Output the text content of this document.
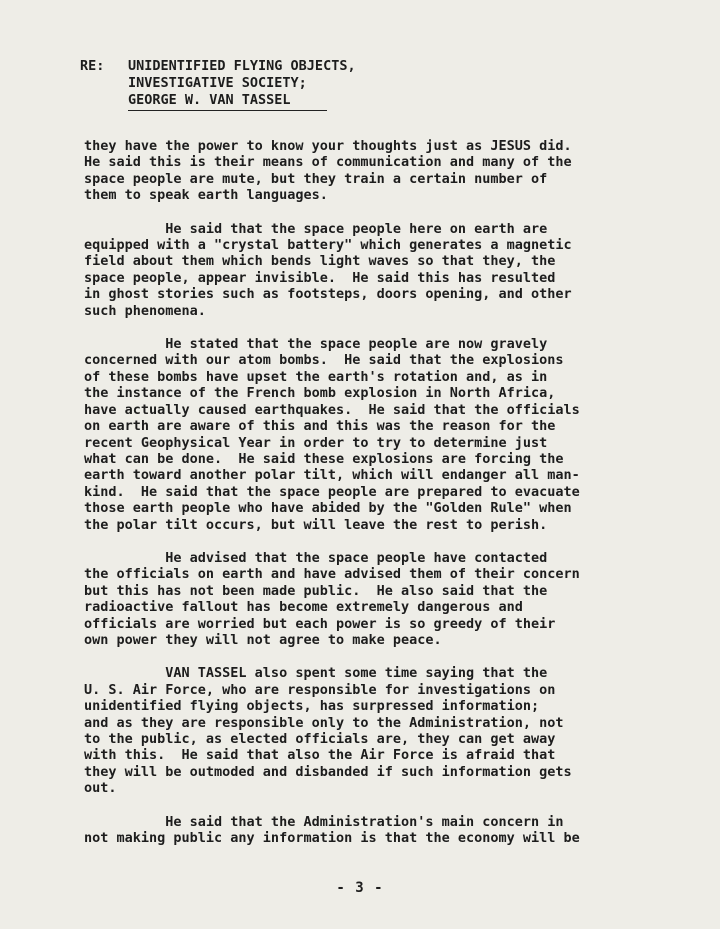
RE:	UNIDENTIFIED FLYING OBJECTS,
INVESTIGATIVE SOCIETY;
GEORGE W. VAN TASSEL
they have the power to know your thoughts just as JESUS did.
He said this is their means of communication and many of the
space people are mute, but they train a certain number of
them to speak earth languages.
He said that the space people here on earth are
equipped with a "crystal battery" which generates a magnetic
field about them which bends light waves so that they, the
space people, appear invisible.  He said this has resulted
in ghost stories such as footsteps, doors opening, and other
such phenomena.
He stated that the space people are now gravely
concerned with our atom bombs.  He said that the explosions
of these bombs have upset the earth's rotation and, as in
the instance of the French bomb explosion in North Africa,
have actually caused earthquakes.  He said that the officials
on earth are aware of this and this was the reason for the
recent Geophysical Year in order to try to determine just
what can be done.  He said these explosions are forcing the
earth toward another polar tilt, which will endanger all man-
kind.  He said that the space people are prepared to evacuate
those earth people who have abided by the "Golden Rule" when
the polar tilt occurs, but will leave the rest to perish.
He advised that the space people have contacted
the officials on earth and have advised them of their concern
but this has not been made public.  He also said that the
radioactive fallout has become extremely dangerous and
officials are worried but each power is so greedy of their
own power they will not agree to make peace.
VAN TASSEL also spent some time saying that the
U. S. Air Force, who are responsible for investigations on
unidentified flying objects, has surpressed information;
and as they are responsible only to the Administration, not
to the public, as elected officials are, they can get away
with this.  He said that also the Air Force is afraid that
they will be outmoded and disbanded if such information gets
out.
He said that the Administration's main concern in
not making public any information is that the economy will be
- 3 -
